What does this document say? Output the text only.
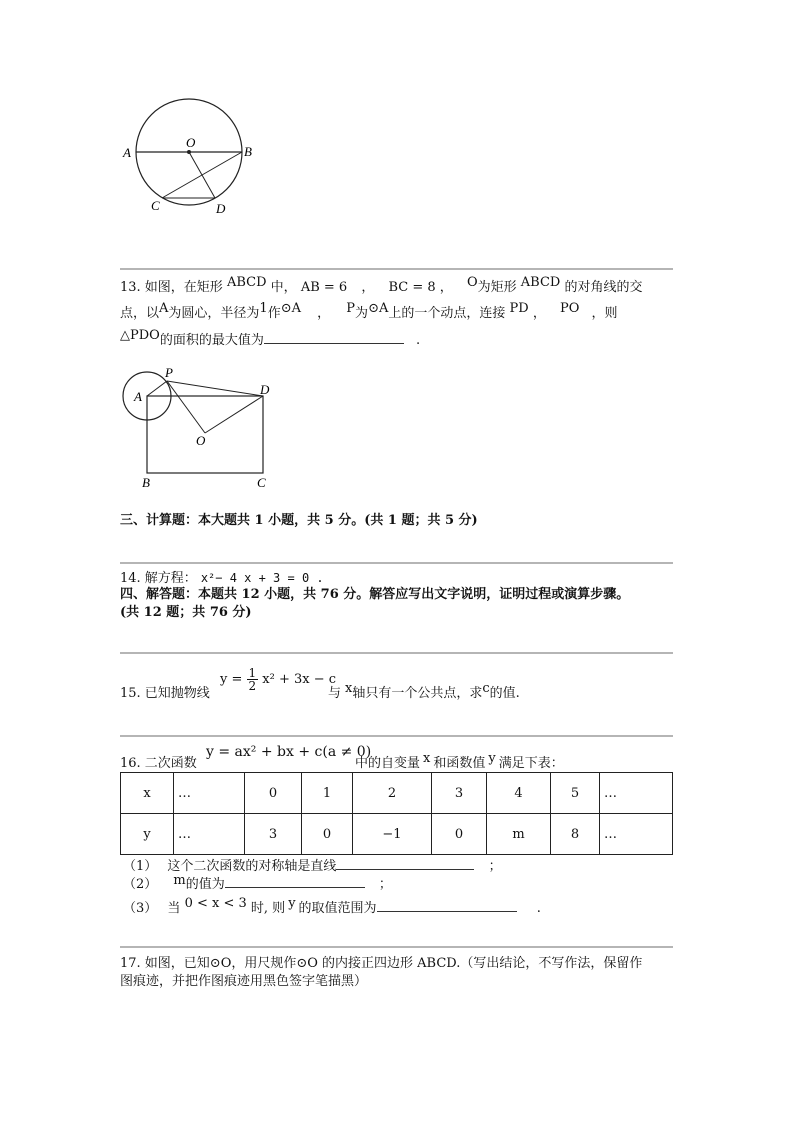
A	B
O
C	D
13. 如图，在矩形 ABCD 中， AB = 6 ， BC = 8 ， O为矩形 ABCD 的对角线的交
点，以A为圆心，半径为1作⊙A ， P为⊙A上的一个动点，连接 PD ， PO ，则
△PDO的面积的最大值为	.
A
P
D
O
B	C
三、计算题：本大题共 1 小题，共 5 分。(共 1 题；共 5 分)
14. 解方程： x²− 4 x + 3 = 0 .
四、解答题：本题共 12 小题，共 76 分。解答应写出文字说明，证明过程或演算步骤。
(共 12 题；共 76 分)
15. 已知抛物线
$y = \frac{1}{2} x^2 + 3x - c$
与 x轴只有一个公共点，求c的值.
16. 二次函数
y = ax² + bx + c(a ≠ 0)
中的自变量 x 和函数值 y 满足下表：
x	…	0	1	2	3	4	5	…
y	…	3	0	−1	0	m	8	…
（1） 这个二次函数的对称轴是直线	；
（2） m的值为	；
（3） 当 0 < x < 3 时, 则 y 的取值范围为	.
17. 如图，已知⊙O，用尺规作⊙O 的内接正四边形 ABCD.（写出结论，不写作法，保留作
图痕迹，并把作图痕迹用黑色签字笔描黑）
